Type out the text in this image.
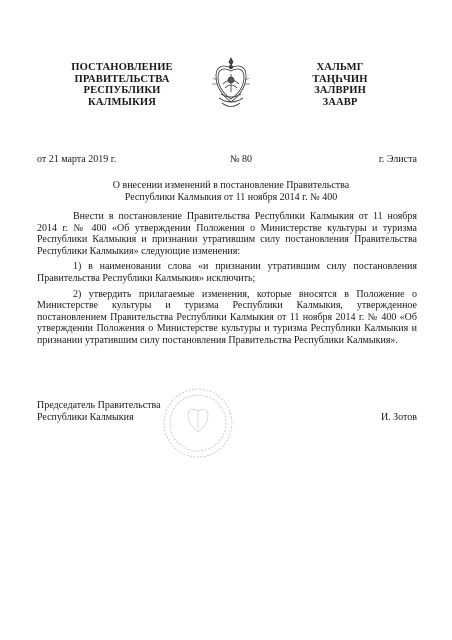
ПОСТАНОВЛЕНИЕ
ПРАВИТЕЛЬСТВА
РЕСПУБЛИКИ
КАЛМЫКИЯ
ХАЛЬМГ
ТАҢҺЧИН
ЗАЛВРИН
ЗААВР
от 21 марта 2019 г.	№ 80	г. Элиста
О внесении изменений в постановление Правительства
Республики Калмыкия от 11 ноября 2014 г. № 400

Внести в постановление Правительства Республики Калмыкия от 11 ноября 2014 г. № 400 «Об утверждении Положения о Министерстве культуры и туризма Республики Калмыкия и признании утратившим силу постановления Правительства Республики Калмыкия» следующие изменения:

1) в наименовании слова «и признании утратившим силу постановления Правительства Республики Калмыкия» исключить;

2) утвердить прилагаемые изменения, которые вносятся в Положение о Министерстве культуры и туризма Республики Калмыкия, утвержденное постановлением Правительства Республики Калмыкия от 11 ноября 2014 г. № 400 «Об утверждении Положения о Министерстве культуры и туризма Республики Калмыкия и признании утратившим силу постановления Правительства Республики Калмыкия».

Председатель Правительства
Республики Калмыкия	И. Зотов
